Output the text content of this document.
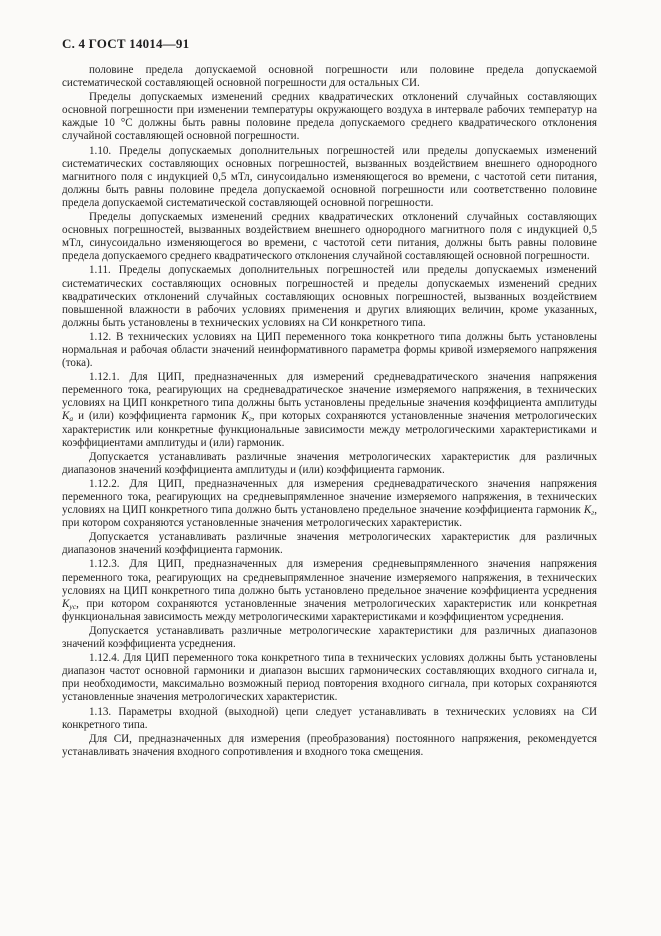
С. 4 ГОСТ 14014—91

половине предела допускаемой основной погрешности или половине предела допускаемой систематической составляющей основной погрешности для остальных СИ.

Пределы допускаемых изменений средних квадратических отклонений случайных составляющих основной погрешности при изменении температуры окружающего воздуха в интервале рабочих температур на каждые 10 °С должны быть равны половине предела допускаемого среднего квадратического отклонения случайной составляющей основной погрешности.

1.10. Пределы допускаемых дополнительных погрешностей или пределы допускаемых изменений систематических составляющих основных погрешностей, вызванных воздействием внешнего однородного магнитного поля с индукцией 0,5 мТл, синусоидально изменяющегося во времени, с частотой сети питания, должны быть равны половине предела допускаемой основной погрешности или соответственно половине предела допускаемой систематической составляющей основной погрешности.

Пределы допускаемых изменений средних квадратических отклонений случайных составляющих основных погрешностей, вызванных воздействием внешнего однородного магнитного поля с индукцией 0,5 мТл, синусоидально изменяющегося во времени, с частотой сети питания, должны быть равны половине предела допускаемого среднего квадратического отклонения случайной составляющей основной погрешности.

1.11. Пределы допускаемых дополнительных погрешностей или пределы допускаемых изменений систематических составляющих основных погрешностей и пределы допускаемых изменений средних квадратических отклонений случайных составляющих основных погрешностей, вызванных воздействием повышенной влажности в рабочих условиях применения и других влияющих величин, кроме указанных, должны быть установлены в технических условиях на СИ конкретного типа.

1.12. В технических условиях на ЦИП переменного тока конкретного типа должны быть установлены нормальная и рабочая области значений неинформативного параметра формы кривой измеряемого напряжения (тока).

1.12.1. Для ЦИП, предназначенных для измерений средневадратического значения напряжения переменного тока, реагирующих на средневадратическое значение измеряемого напряжения, в технических условиях на ЦИП конкретного типа должны быть установлены предельные значения коэффициента амплитуды $K_а$ и (или) коэффициента гармоник $K_г$, при которых сохраняются установленные значения метрологических характеристик или конкретные функциональные зависимости между метрологическими характеристиками и коэффициентами амплитуды и (или) гармоник.

Допускается устанавливать различные значения метрологических характеристик для различных диапазонов значений коэффициента амплитуды и (или) коэффициента гармоник.

1.12.2. Для ЦИП, предназначенных для измерения средневадратического значения напряжения переменного тока, реагирующих на средневыпрямленное значение измеряемого напряжения, в технических условиях на ЦИП конкретного типа должно быть установлено предельное значение коэффициента гармоник $K_г$, при котором сохраняются установленные значения метрологических характеристик.

Допускается устанавливать различные значения метрологических характеристик для различных диапазонов значений коэффициента гармоник.

1.12.3. Для ЦИП, предназначенных для измерения средневыпрямленного значения напряжения переменного тока, реагирующих на средневыпрямленное значение измеряемого напряжения, в технических условиях на ЦИП конкретного типа должно быть установлено предельное значение коэффициента усреднения $K_{уc}$, при котором сохраняются установленные значения метрологических характеристик или конкретная функциональная зависимость между метрологическими характеристиками и коэффициентом усреднения.

Допускается устанавливать различные метрологические характеристики для различных диапазонов значений коэффициента усреднения.

1.12.4. Для ЦИП переменного тока конкретного типа в технических условиях должны быть установлены диапазон частот основной гармоники и диапазон высших гармонических составляющих входного сигнала и, при необходимости, максимально возможный период повторения входного сигнала, при которых сохраняются установленные значения метрологических характеристик.

1.13. Параметры входной (выходной) цепи следует устанавливать в технических условиях на СИ конкретного типа.

Для СИ, предназначенных для измерения (преобразования) постоянного напряжения, рекомендуется устанавливать значения входного сопротивления и входного тока смещения.
